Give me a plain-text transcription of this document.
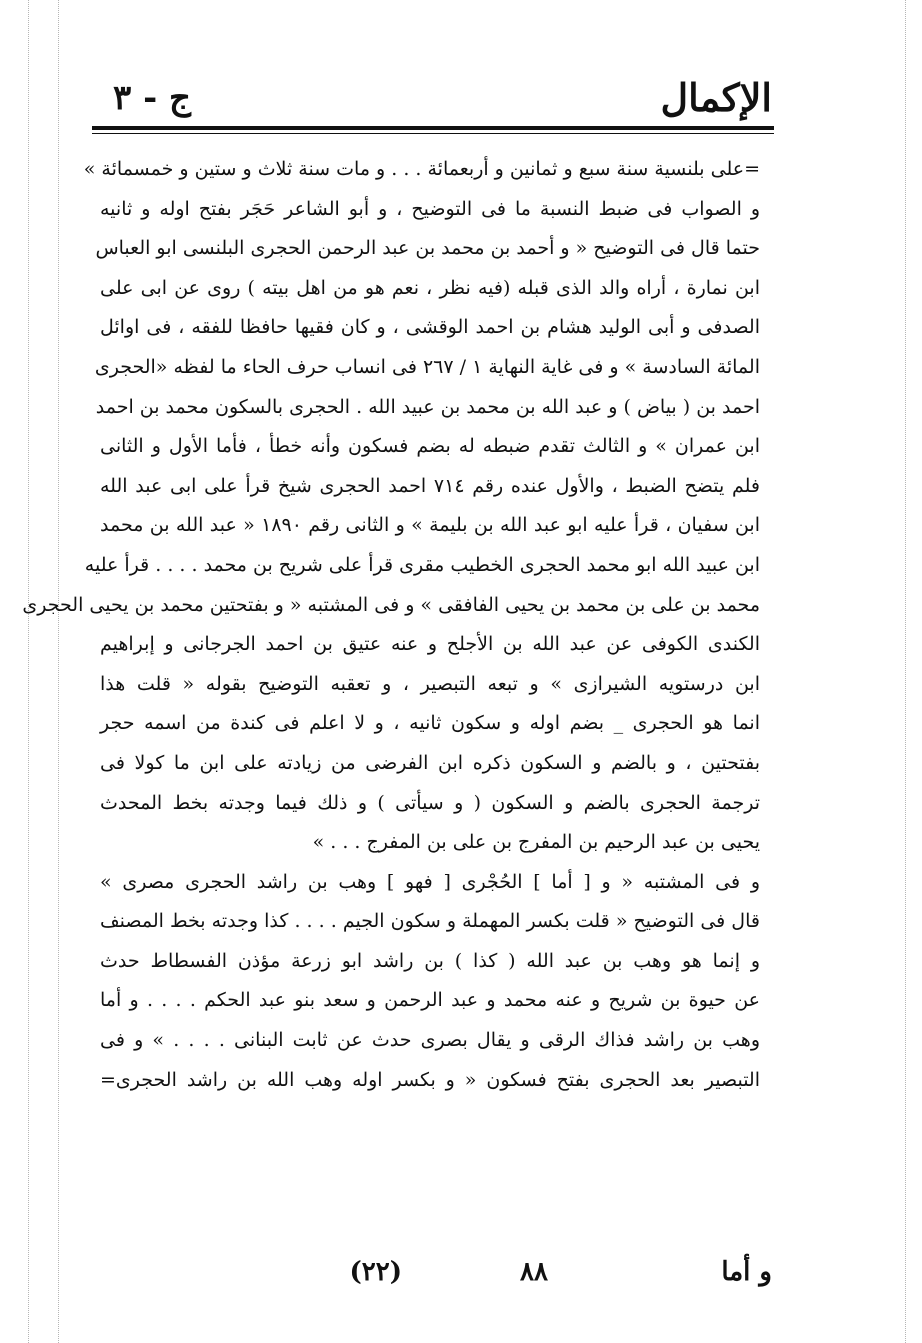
الإكمال
ج - ٣
=على بلنسية سنة سبع و ثمانين و أربعمائة . . . و مات سنة ثلاث و ستين و خمسمائة »
و الصواب فى ضبط النسبة ما فى التوضيح ، و أبو الشاعر حَجَر بفتح اوله و ثانيه
حتما قال فى التوضيح « و أحمد بن محمد بن عبد الرحمن الحجرى البلنسى ابو العباس
ابن نمارة ، أراه والد الذى قبله (فيه نظر ، نعم هو من اهل بيته ) روى عن ابى على
الصدفى و أبى الوليد هشام بن احمد الوقشى ، و كان فقيها حافظا للفقه ، فى اوائل
المائة السادسة » و فى غاية النهاية ١ / ٢٦٧ فى انساب حرف الحاء ما لفظه «الحجرى
احمد بن ( بياض ) و عبد الله بن محمد بن عبيد الله . الحجرى بالسكون محمد بن احمد
ابن عمران » و الثالث تقدم ضبطه له بضم فسكون وأنه خطأ ، فأما الأول و الثانى
فلم يتضح الضبط ، والأول عنده رقم ٧١٤ احمد الحجرى شيخ قرأ على ابى عبد الله
ابن سفيان ، قرأ عليه ابو عبد الله بن بليمة » و الثانى رقم ١٨٩٠ « عبد الله بن محمد
ابن عبيد الله ابو محمد الحجرى الخطيب مقرى قرأ على شريح بن محمد . . . . قرأ عليه
محمد بن على بن محمد بن يحيى الفافقى » و فى المشتبه « و بفتحتين محمد بن يحيى الحجرى
الكندى الكوفى عن عبد الله بن الأجلح و عنه عتيق بن احمد الجرجانى و إبراهيم
ابن درستويه الشيرازى » و تبعه التبصير ، و تعقبه التوضيح بقوله « قلت هذا
انما هو الحجرى _ بضم اوله و سكون ثانيه ، و لا اعلم فى كندة من اسمه حجر
بفتحتين ، و بالضم و السكون ذكره ابن الفرضى من زيادته على ابن ما كولا فى
ترجمة الحجرى بالضم و السكون ( و سيأتى ) و ذلك فيما وجدته بخط المحدث
يحيى بن عبد الرحيم بن المفرج بن على بن المفرج . . . »
و فى المشتبه « و [ أما ] الحُجْرى [ فهو ] وهب بن راشد الحجرى مصرى »
قال فى التوضيح « قلت بكسر المهملة و سكون الجيم . . . . كذا وجدته بخط المصنف
و إنما هو وهب بن عبد الله ( كذا ) بن راشد ابو زرعة مؤذن الفسطاط حدث
عن حيوة بن شريح و عنه محمد و عبد الرحمن و سعد بنو عبد الحكم . . . . و أما
وهب بن راشد فذاك الرقى و يقال بصرى حدث عن ثابت البنانى . . . . » و فى
التبصير بعد الحجرى بفتح فسكون « و بكسر اوله وهب الله بن راشد الحجرى=
و أما
(٢٢)	٨٨
